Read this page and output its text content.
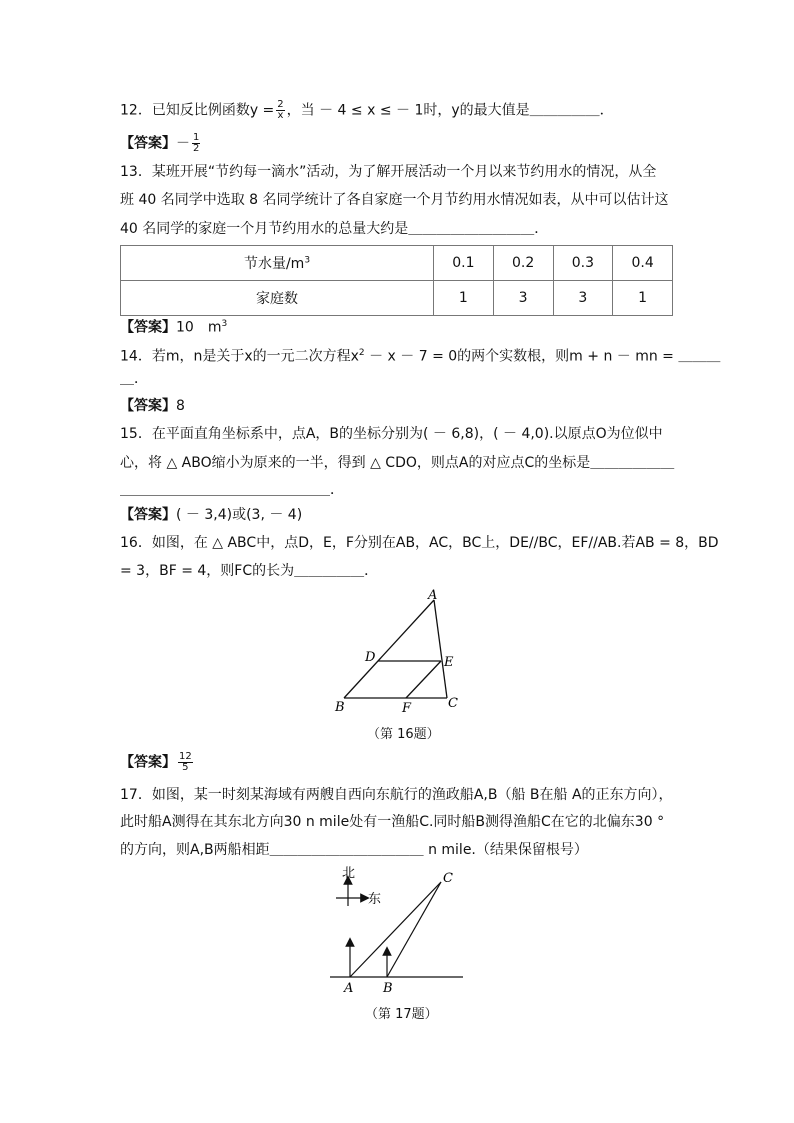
12．已知反比例函数$y = \frac{2}{x}$ ，当 － 4 ≤ x ≤ － 1时，y的最大值是＿＿＿＿＿．
【答案】－ $\frac{1}{2}$
13．某班开展“节约每一滴水”活动，为了解开展活动一个月以来节约用水的情况，从全
班 40 名同学中选取 8 名同学统计了各自家庭一个月节约用水情况如表，从中可以估计这
40 名同学的家庭一个月节约用水的总量大约是＿＿＿＿＿＿＿＿＿．
节水量$/m^3$	0.1	0.2	0.3	0.4
家庭数	1	3	3	1
【答案】10　$m^3$
14．若m，n是关于x的一元二次方程$x^2 - x - 7 = 0$的两个实数根，则m + n － mn = ＿＿＿
＿．
【答案】8
15．在平面直角坐标系中，点A，B的坐标分别为( － 6,8)，( － 4,0).以原点O为位似中
心，将 △ ABO缩小为原来的一半，得到 △ CDO，则点A的对应点C的坐标是＿＿＿＿＿＿
＿＿＿＿＿＿＿＿＿＿＿＿＿＿＿．
【答案】( － 3,4)或(3, － 4)
16．如图，在 △ ABC中，点D，E，F分别在AB，AC，BC上，DE//BC，EF//AB.若AB = 8，BD
= 3，BF = 4，则FC的长为＿＿＿＿＿．
A
D	E
B	F	C
（第 16题）
【答案】 $\frac{12}{5}$
17．如图，某一时刻某海域有两艘自西向东航行的渔政船A,B（船 B在船 A的正东方向），
此时船A测得在其东北方向30 n mile处有一渔船C.同时船B测得渔船C在它的北偏东30 °
的方向，则A,B两船相距＿＿＿＿＿＿＿＿＿＿＿ n mile.（结果保留根号）
北
东
A B
C
（第 17题）
